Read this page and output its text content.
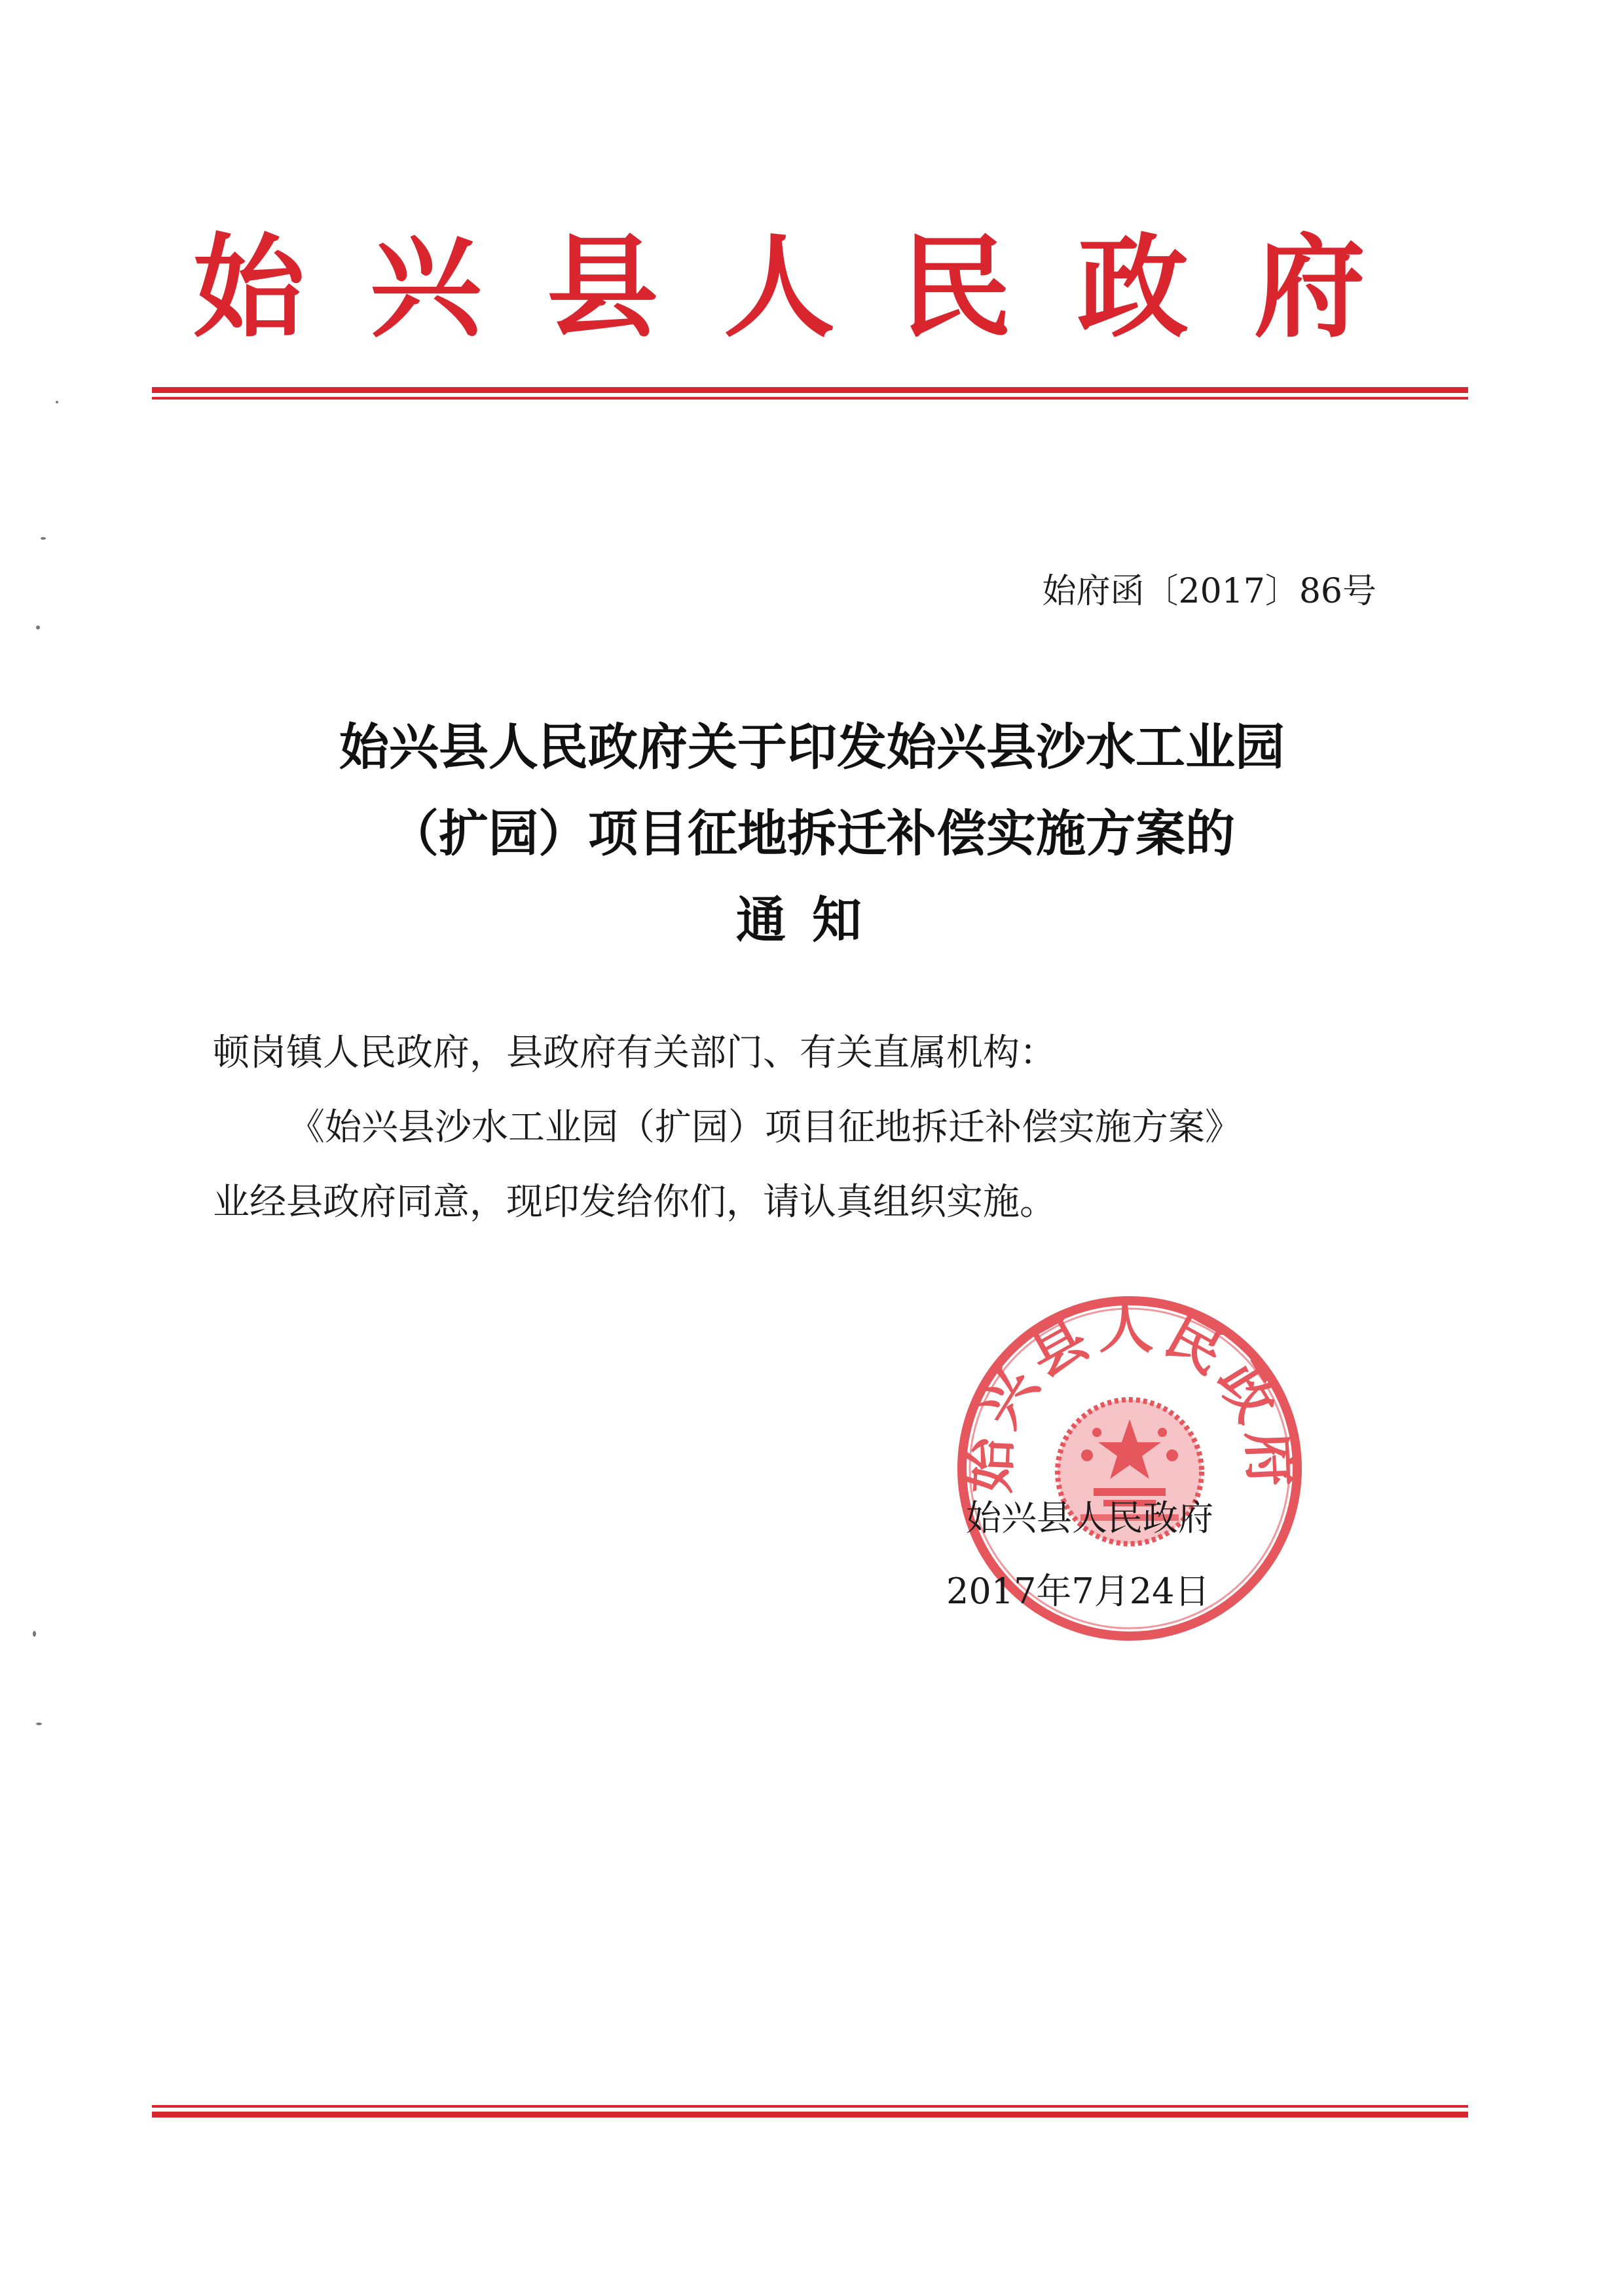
始兴县人民政府
始府函〔2017〕86号
始兴县人民政府关于印发始兴县沙水工业园
（扩园）项目征地拆迁补偿实施方案的
通知
顿岗镇人民政府，县政府有关部门、有关直属机构：
《始兴县沙水工业园（扩园）项目征地拆迁补偿实施方案》
业经县政府同意，现印发给你们，请认真组织实施。
始兴县人民政府
始兴县人民政府
2017年7月24日
